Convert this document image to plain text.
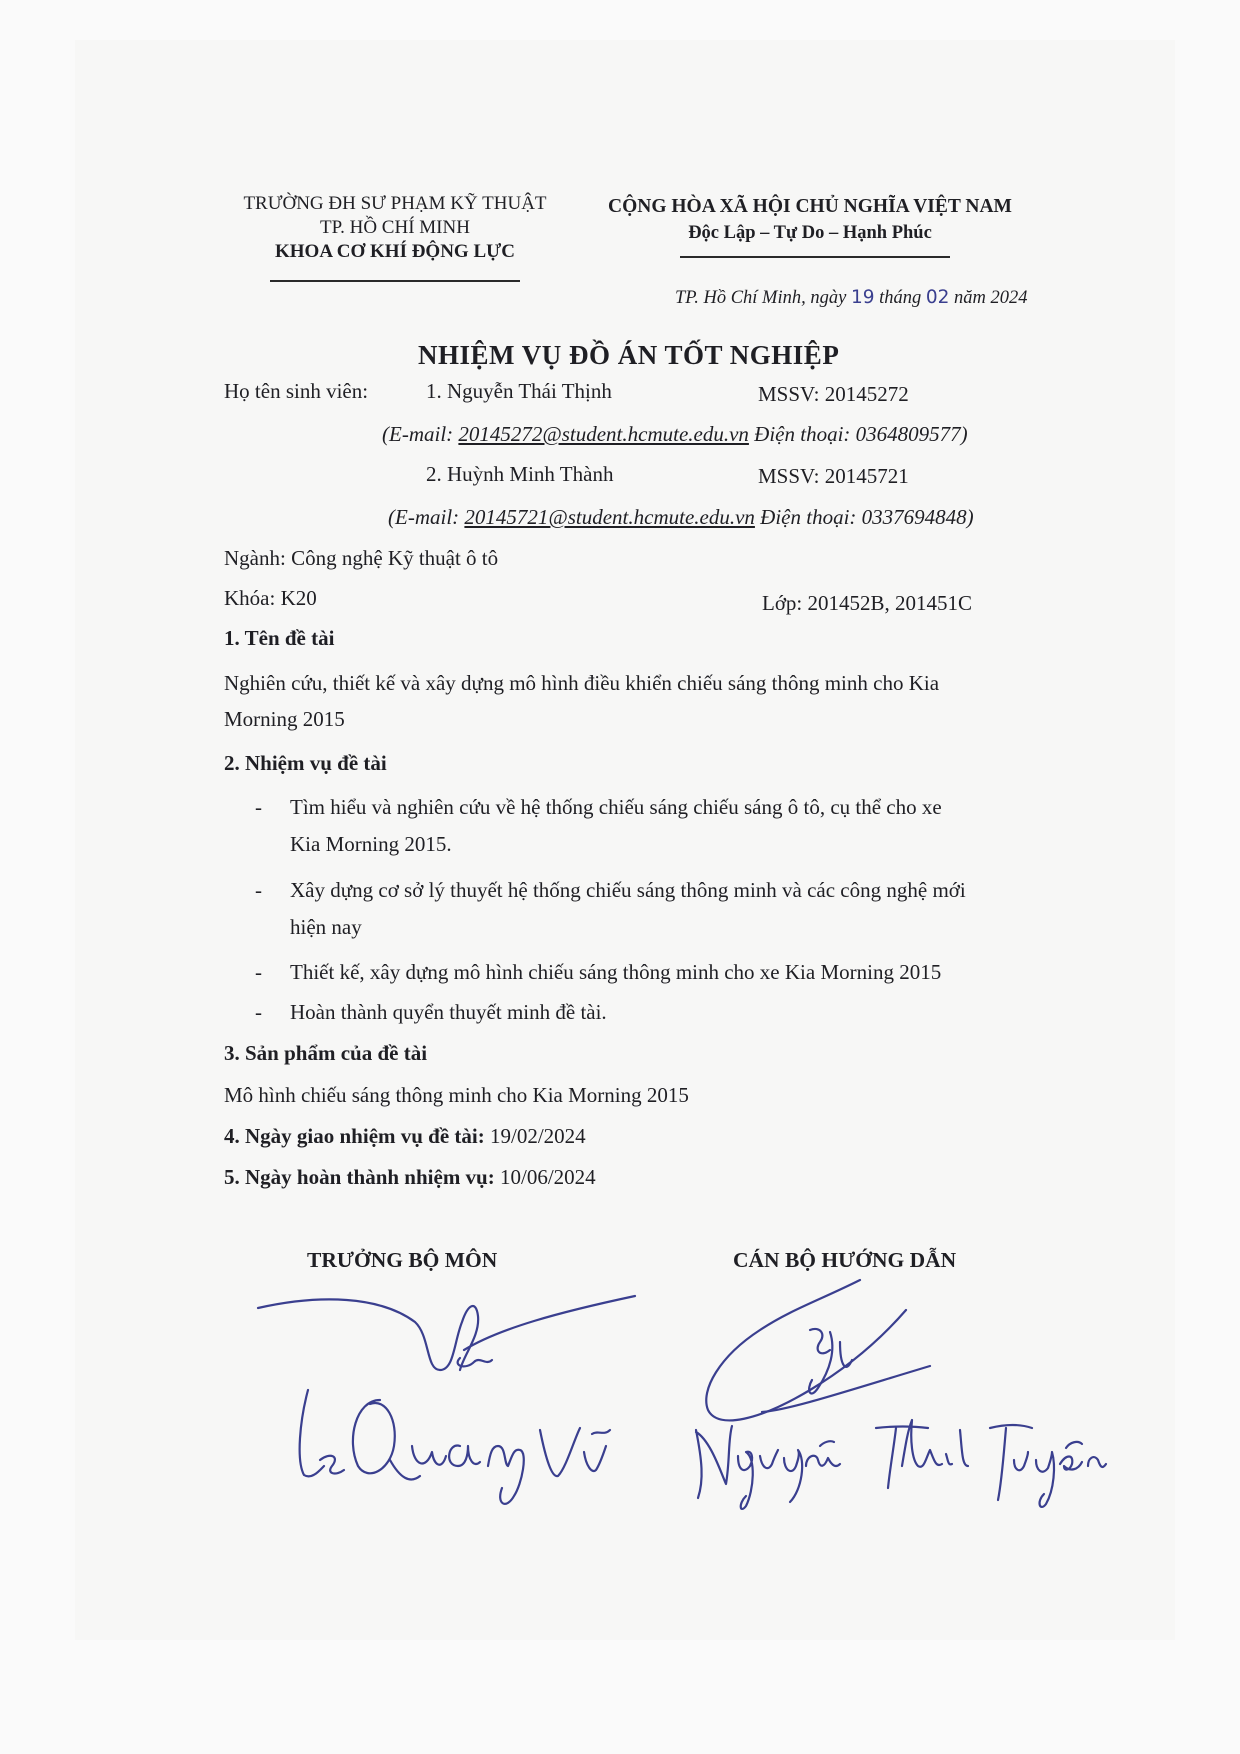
TRƯỜNG ĐH SƯ PHẠM KỸ THUẬT
TP. HỒ CHÍ MINH
KHOA CƠ KHÍ ĐỘNG LỰC
CỘNG HÒA XÃ HỘI CHỦ NGHĨA VIỆT NAM
Độc Lập – Tự Do – Hạnh Phúc
TP. Hồ Chí Minh, ngày 19 tháng 02 năm 2024
NHIỆM VỤ ĐỒ ÁN TỐT NGHIỆP
Họ tên sinh viên:	1. Nguyễn Thái Thịnh	MSSV: 20145272
(E-mail: 20145272@student.hcmute.edu.vn Điện thoại: 0364809577)
2. Huỳnh Minh Thành	MSSV: 20145721
(E-mail: 20145721@student.hcmute.edu.vn Điện thoại: 0337694848)
Ngành: Công nghệ Kỹ thuật ô tô
Khóa: K20	Lớp: 201452B, 201451C
1. Tên đề tài
Nghiên cứu, thiết kế và xây dựng mô hình điều khiển chiếu sáng thông minh cho Kia
Morning 2015
2. Nhiệm vụ đề tài
- Tìm hiểu và nghiên cứu về hệ thống chiếu sáng chiếu sáng ô tô, cụ thể cho xe
Kia Morning 2015.
- Xây dựng cơ sở lý thuyết hệ thống chiếu sáng thông minh và các công nghệ mới
hiện nay
- Thiết kế, xây dựng mô hình chiếu sáng thông minh cho xe Kia Morning 2015
- Hoàn thành quyển thuyết minh đề tài.
3. Sản phẩm của đề tài
Mô hình chiếu sáng thông minh cho Kia Morning 2015
4. Ngày giao nhiệm vụ đề tài: 19/02/2024
5. Ngày hoàn thành nhiệm vụ: 10/06/2024
TRƯỞNG BỘ MÔN	CÁN BỘ HƯỚNG DẪN
